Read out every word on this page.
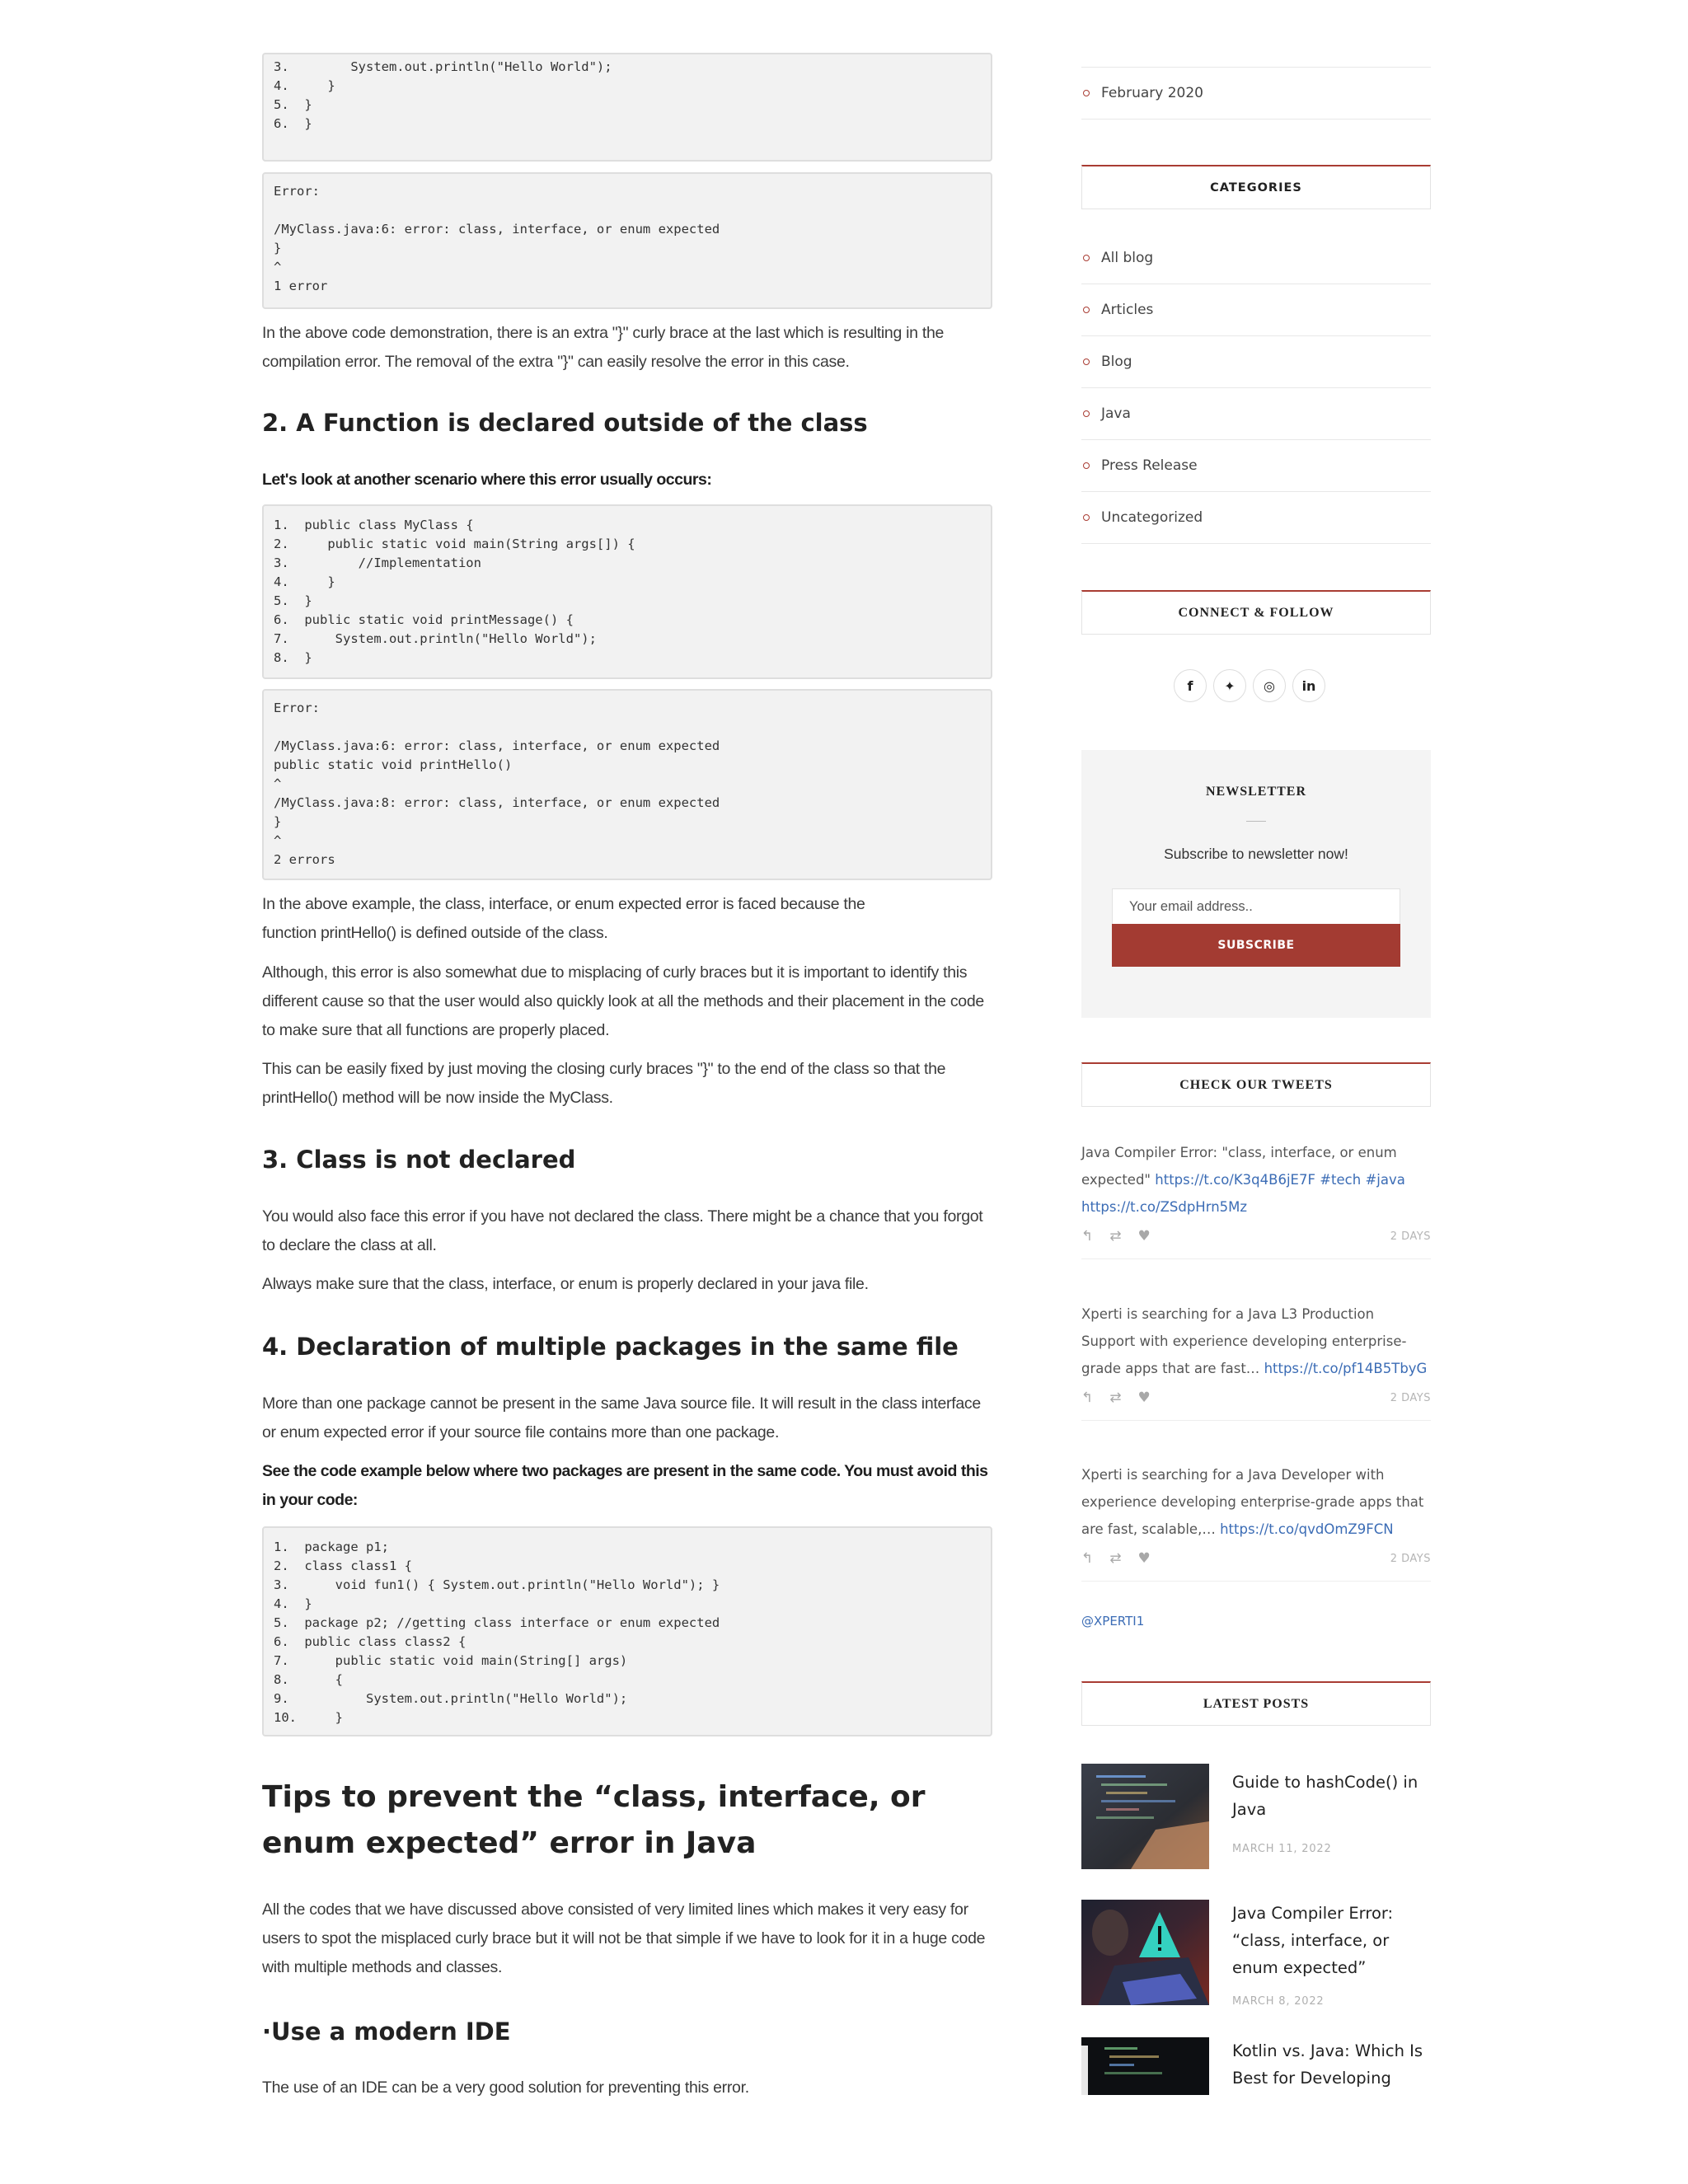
3.        System.out.println("Hello World");
4.     }
5.  }
6.  }
Error:
/MyClass.java:6: error: class, interface, or enum expected
}
^
1 error

In the above code demonstration, there is an extra "}" curly brace at the last which is resulting in the compilation error. The removal of the extra "}" can easily resolve the error in this case.

2. A Function is declared outside of the class

Let's look at another scenario where this error usually occurs:

1.  public class MyClass {
2.     public static void main(String args[]) {
3.         //Implementation
4.     }
5.  }
6.  public static void printMessage() {
7.      System.out.println("Hello World");
8.  }
Error:
/MyClass.java:6: error: class, interface, or enum expected
public static void printHello()
^
/MyClass.java:8: error: class, interface, or enum expected
}
^
2 errors

In the above example, the class, interface, or enum expected error is faced because the function printHello() is defined outside of the class.

Although, this error is also somewhat due to misplacing of curly braces but it is important to identify this different cause so that the user would also quickly look at all the methods and their placement in the code to make sure that all functions are properly placed.

This can be easily fixed by just moving the closing curly braces "}" to the end of the class so that the printHello() method will be now inside the MyClass.

3. Class is not declared

You would also face this error if you have not declared the class. There might be a chance that you forgot to declare the class at all.

Always make sure that the class, interface, or enum is properly declared in your java file.

4. Declaration of multiple packages in the same file

More than one package cannot be present in the same Java source file. It will result in the class interface or enum expected error if your source file contains more than one package.

See the code example below where two packages are present in the same code. You must avoid this in your code:

1.  package p1;
2.  class class1 {
3.      void fun1() { System.out.println("Hello World"); }
4.  }
5.  package p2; //getting class interface or enum expected
6.  public class class2 {
7.      public static void main(String[] args)
8.      {
9.          System.out.println("Hello World");
10.     }
Tips to prevent the “class, interface, or enum expected” error in Java

All the codes that we have discussed above consisted of very limited lines which makes it very easy for users to spot the misplaced curly brace but it will not be that simple if we have to look for it in a huge code with multiple methods and classes.

·Use a modern IDE

The use of an IDE can be a very good solution for preventing this error.

February 2020
CATEGORIES
All blog
Articles
Blog
Java
Press Release
Uncategorized
CONNECT & FOLLOW
f	✦	◎	in
NEWSLETTER
Subscribe to newsletter now!
Your email address..
SUBSCRIBE
CHECK OUR TWEETS
Java Compiler Error: "class, interface, or enum expected" https://t.co/K3q4B6jE7F #tech #java https://t.co/ZSdpHrn5Mz
↰ ⇄ ♥	2 DAYS
Xperti is searching for a Java L3 Production Support with experience developing enterprise-grade apps that are fast… https://t.co/pf14B5TbyG
↰ ⇄ ♥	2 DAYS
Xperti is searching for a Java Developer with experience developing enterprise-grade apps that are fast, scalable,… https://t.co/qvdOmZ9FCN
↰ ⇄ ♥	2 DAYS
@XPERTI1
LATEST POSTS
Guide to hashCode() in Java
MARCH 11, 2022
Java Compiler Error: “class, interface, or enum expected”
MARCH 8, 2022
Kotlin vs. Java: Which Is Best for Developing
